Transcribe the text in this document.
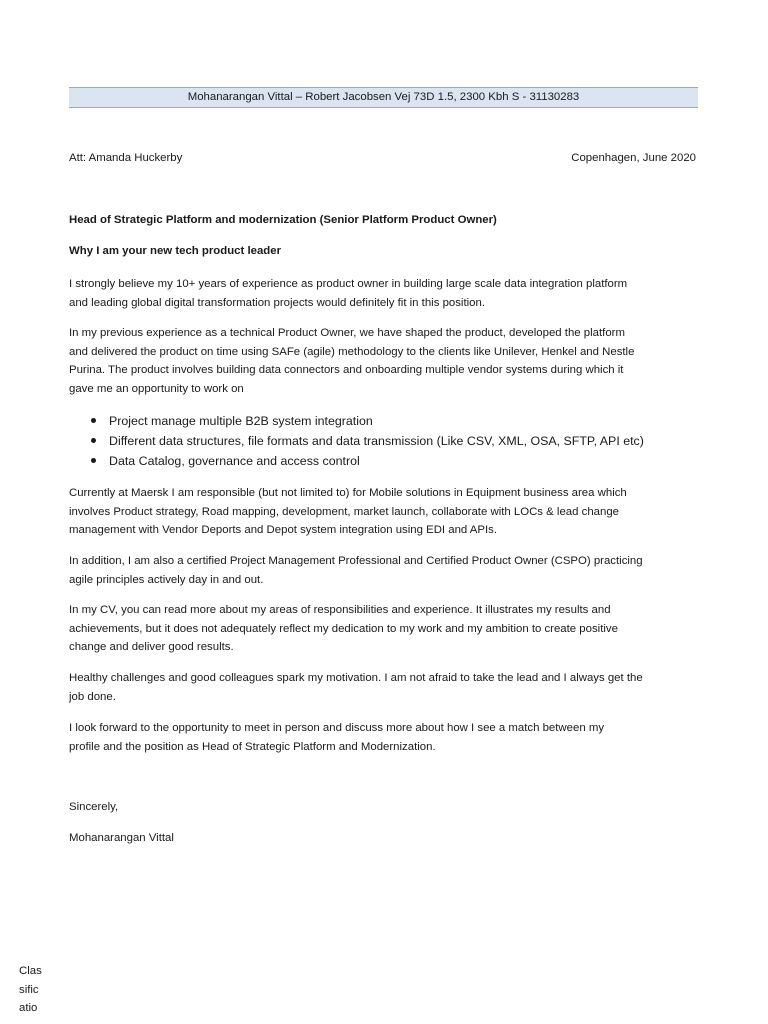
Mohanarangan Vittal – Robert Jacobsen Vej 73D 1.5, 2300 Kbh S - 31130283
Att: Amanda Huckerby	Copenhagen, June 2020
Head of Strategic Platform and modernization (Senior Platform Product Owner)
Why I am your new tech product leader

I strongly believe my 10+ years of experience as product owner in building large scale data integration platform

and leading global digital transformation projects would definitely fit in this position.

In my previous experience as a technical Product Owner, we have shaped the product, developed the platform

and delivered the product on time using SAFe (agile) methodology to the clients like Unilever, Henkel and Nestle

Purina. The product involves building data connectors and onboarding multiple vendor systems during which it

gave me an opportunity to work on

Project manage multiple B2B system integration
Different data structures, file formats and data transmission (Like CSV, XML, OSA, SFTP, API etc)
Data Catalog, governance and access control

Currently at Maersk I am responsible (but not limited to) for Mobile solutions in Equipment business area which

involves Product strategy, Road mapping, development, market launch, collaborate with LOCs & lead change

management with Vendor Deports and Depot system integration using EDI and APIs.

In addition, I am also a certified Project Management Professional and Certified Product Owner (CSPO) practicing

agile principles actively day in and out.

In my CV, you can read more about my areas of responsibilities and experience. It illustrates my results and

achievements, but it does not adequately reflect my dedication to my work and my ambition to create positive

change and deliver good results.

Healthy challenges and good colleagues spark my motivation. I am not afraid to take the lead and I always get the

job done.

I look forward to the opportunity to meet in person and discuss more about how I see a match between my

profile and the position as Head of Strategic Platform and Modernization.

Sincerely,
Mohanarangan Vittal
Clas
sific
atio
